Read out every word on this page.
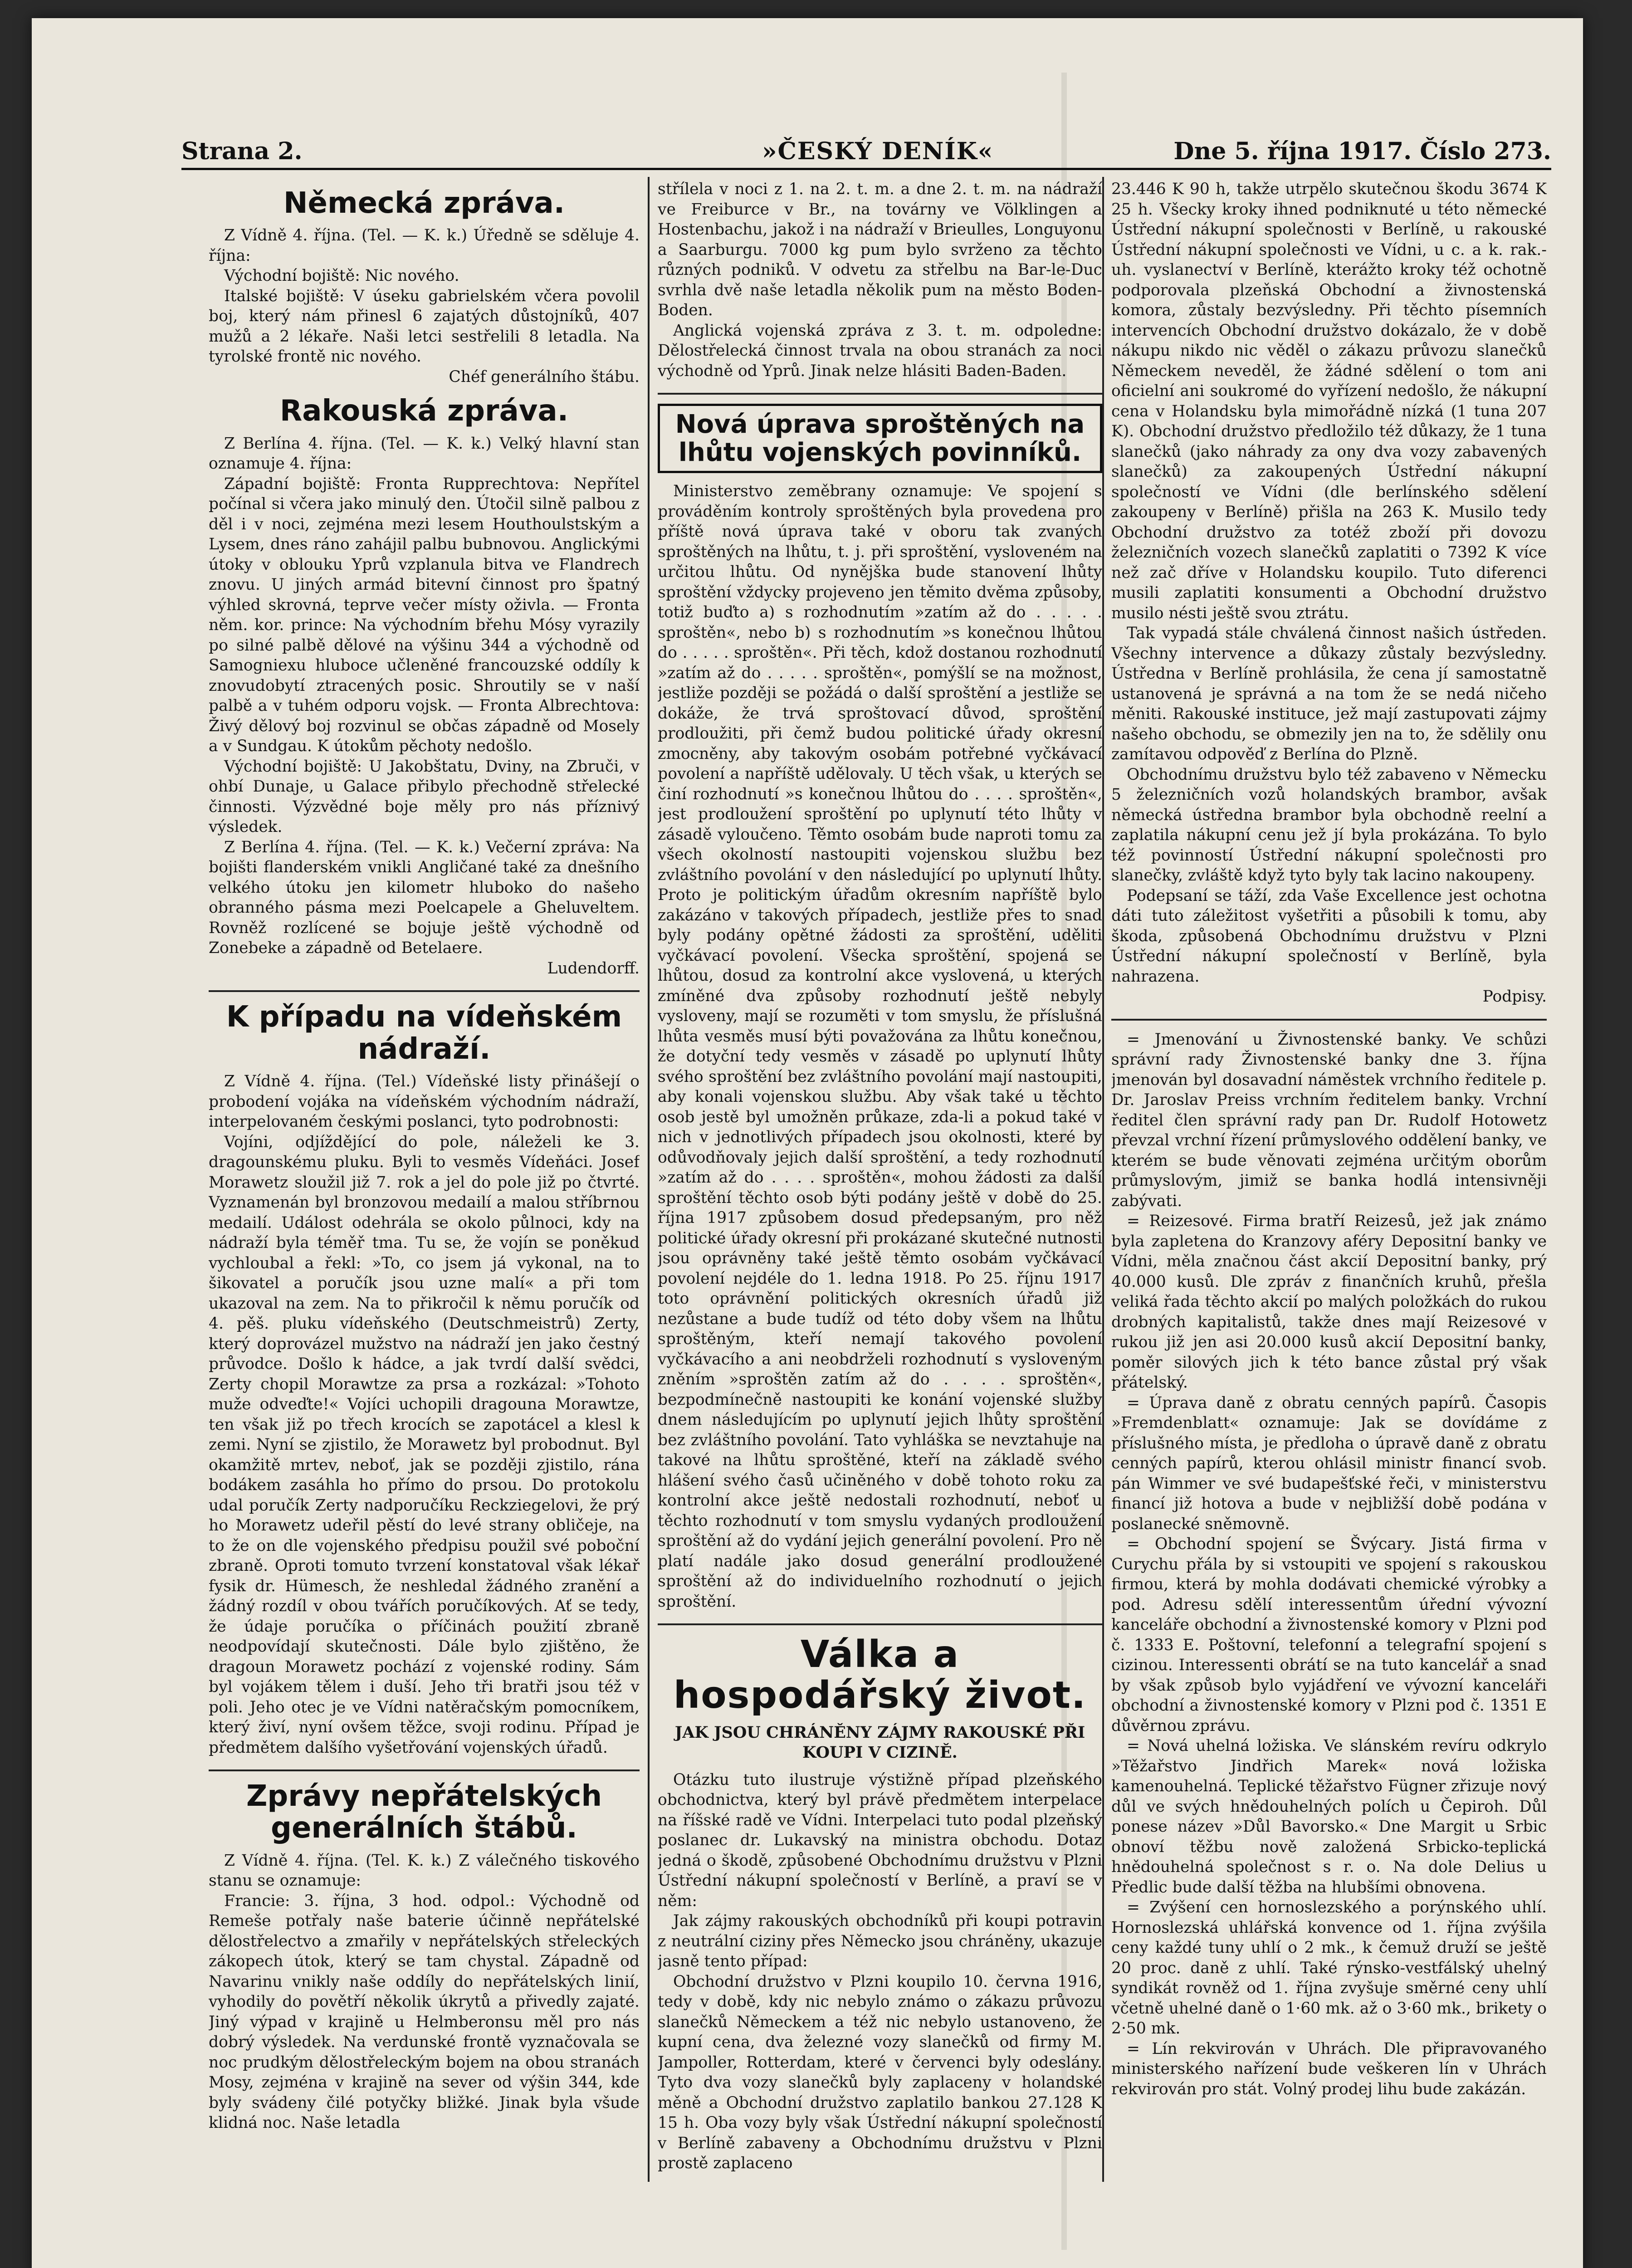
Strana 2.	»ČESKÝ DENÍK«	Dne 5. října 1917. Číslo 273.
Německá zpráva.

Z Vídně 4. října. (Tel. — K. k.) Úředně se sděluje 4. října:

Východní bojiště: Nic nového.

Italské bojiště: V úseku gabrielském včera povolil boj, který nám přinesl 6 zajatých důstojníků, 407 mužů a 2 lékaře. Naši letci sestřelili 8 letadla. Na tyrolské frontě nic nového.

Chéf generálního štábu.

Rakouská zpráva.

Z Berlína 4. října. (Tel. — K. k.) Velký hlavní stan oznamuje 4. října:

Západní bojiště: Fronta Rupprechtova: Nepřítel počínal si včera jako minulý den. Útočil silně palbou z děl i v noci, zejména mezi lesem Houthoulstským a Lysem, dnes ráno zahájil palbu bubnovou. Anglickými útoky v oblouku Yprů vzplanula bitva ve Flandrech znovu. U jiných armád bitevní činnost pro špatný výhled skrovná, teprve večer místy oživla. — Fronta něm. kor. prince: Na východním břehu Mósy vyrazily po silné palbě dělové na výšinu 344 a východně od Samogniexu hluboce učleněné francouzské oddíly k znovudobytí ztracených posic. Shroutily se v naší palbě a v tuhém odporu vojsk. — Fronta Albrechtova: Živý dělový boj rozvinul se občas západně od Mosely a v Sundgau. K útokům pěchoty nedošlo.

Východní bojiště: U Jakobštatu, Dviny, na Zbruči, v ohbí Dunaje, u Galace přibylo přechodně střelecké činnosti. Výzvědné boje měly pro nás příznivý výsledek.

Z Berlína 4. října. (Tel. — K. k.) Večerní zpráva: Na bojišti flanderském vnikli Angličané také za dnešního velkého útoku jen kilometr hluboko do našeho obranného pásma mezi Poelcapele a Gheluveltem. Rovněž rozlícené se bojuje ještě východně od Zonebeke a západně od Betelaere.

Ludendorff.

K případu na vídeňském nádraží.

Z Vídně 4. října. (Tel.) Vídeňské listy přinášejí o probodení vojáka na vídeňském východním nádraží, interpelovaném českými poslanci, tyto podrobnosti:

Vojíni, odjíždějící do pole, náleželi ke 3. dragounskému pluku. Byli to vesměs Vídeňáci. Josef Morawetz sloužil již 7. rok a jel do pole již po čtvrté. Vyznamenán byl bronzovou medailí a malou stříbrnou medailí. Událost odehrála se okolo půlnoci, kdy na nádraží byla téměř tma. Tu se, že vojín se poněkud vychloubal a řekl: »To, co jsem já vykonal, na to šikovatel a poručík jsou uzne malí« a při tom ukazoval na zem. Na to přikročil k němu poručík od 4. pěš. pluku vídeňského (Deutschmeistrů) Zerty, který doprovázel mužstvo na nádraží jen jako čestný průvodce. Došlo k hádce, a jak tvrdí další svědci, Zerty chopil Morawtze za prsa a rozkázal: »Tohoto muže odveďte!« Vojíci uchopili dragouna Morawtze, ten však již po třech krocích se zapotácel a klesl k zemi. Nyní se zjistilo, že Morawetz byl probodnut. Byl okamžitě mrtev, neboť, jak se později zjistilo, rána bodákem zasáhla ho přímo do prsou. Do protokolu udal poručík Zerty nadporučíku Reckziegelovi, že prý ho Morawetz udeřil pěstí do levé strany obličeje, na to že on dle vojenského předpisu použil své poboční zbraně. Oproti tomuto tvrzení konstatoval však lékař fysik dr. Hümesch, že neshledal žádného zranění a žádný rozdíl v obou tvářích poručíkových. Ať se tedy, že údaje poručíka o příčinách použití zbraně neodpovídají skutečnosti. Dále bylo zjištěno, že dragoun Morawetz pochází z vojenské rodiny. Sám byl vojákem tělem i duší. Jeho tři bratři jsou též v poli. Jeho otec je ve Vídni natěračským pomocníkem, který živí, nyní ovšem těžce, svoji rodinu. Případ je předmětem dalšího vyšetřování vojenských úřadů.

Zprávy nepřátelských generálních štábů.

Z Vídně 4. října. (Tel. K. k.) Z válečného tiskového stanu se oznamuje:

Francie: 3. října, 3 hod. odpol.: Východně od Remeše potřaly naše baterie účinně nepřátelské dělostřelectvo a zmařily v nepřátelských střeleckých zákopech útok, který se tam chystal. Západně od Navarinu vnikly naše oddíly do nepřátelských linií, vyhodily do povětří několik úkrytů a přivedly zajaté. Jiný výpad v krajině u Helmberonsu měl pro nás dobrý výsledek. Na verdunské frontě vyznačovala se noc prudkým dělostřeleckým bojem na obou stranách Mosy, zejména v krajině na sever od výšin 344, kde byly svádeny čilé potyčky bližké. Jinak byla všude klidná noc. Naše letadla

střílela v noci z 1. na 2. t. m. a dne 2. t. m. na nádraží ve Freiburce v Br., na továrny ve Völklingen a Hostenbachu, jakož i na nádraží v Brieulles, Longuyonu a Saarburgu. 7000 kg pum bylo svrženo za těchto různých podniků. V odvetu za střelbu na Bar-le-Duc svrhla dvě naše letadla několik pum na město Boden-Boden.

Anglická vojenská zpráva z 3. t. m. odpoledne: Dělostřelecká činnost trvala na obou stranách za noci východně od Yprů. Jinak nelze hlásiti Baden-Baden.

Nová úprava sproštěných na lhůtu vojenských povinníků.

Ministerstvo zeměbrany oznamuje: Ve spojení s prováděním kontroly sproštěných byla provedena pro příště nová úprava také v oboru tak zvaných sproštěných na lhůtu, t. j. při sproštění, vysloveném na určitou lhůtu. Od nynějška bude stanovení lhůty sproštění vždycky projeveno jen těmito dvěma způsoby, totiž buďto a) s rozhodnutím »zatím až do . . . . . sproštěn«, nebo b) s rozhodnutím »s konečnou lhůtou do . . . . . sproštěn«. Při těch, kdož dostanou rozhodnutí »zatím až do . . . . . sproštěn«, pomýšlí se na možnost, jestliže později se požádá o další sproštění a jestliže se dokáže, že trvá sproštovací důvod, sproštění prodloužiti, při čemž budou politické úřady okresní zmocněny, aby takovým osobám potřebné vyčkávací povolení a napříště udělovaly. U těch však, u kterých se činí rozhodnutí »s konečnou lhůtou do . . . . sproštěn«, jest prodloužení sproštění po uplynutí této lhůty v zásadě vyloučeno. Těmto osobám bude naproti tomu za všech okolností nastoupiti vojenskou službu bez zvláštního povolání v den následující po uplynutí lhůty. Proto je politickým úřadům okresním napříště bylo zakázáno v takových případech, jestliže přes to snad byly podány opětné žádosti za sproštění, uděliti vyčkávací povolení. Všecka sproštění, spojená se lhůtou, dosud za kontrolní akce vyslovená, u kterých zmíněné dva způsoby rozhodnutí ještě nebyly vysloveny, mají se rozuměti v tom smyslu, že příslušná lhůta vesměs musí býti považována za lhůtu konečnou, že dotyční tedy vesměs v zásadě po uplynutí lhůty svého sproštění bez zvláštního povolání mají nastoupiti, aby konali vojenskou službu. Aby však také u těchto osob jestě byl umožněn průkaze, zda-li a pokud také v nich v jednotlivých případech jsou okolnosti, které by odůvodňovaly jejich další sproštění, a tedy rozhodnutí »zatím až do . . . . sproštěn«, mohou žádosti za další sproštění těchto osob býti podány ještě v době do 25. října 1917 způsobem dosud předepsaným, pro něž politické úřady okresní při prokázané skutečné nutnosti jsou oprávněny také ještě těmto osobám vyčkávací povolení nejdéle do 1. ledna 1918. Po 25. říjnu 1917 toto oprávnění politických okresních úřadů již nezůstane a bude tudíž od této doby všem na lhůtu sproštěným, kteří nemají takového povolení vyčkávacího a ani neobdrželi rozhodnutí s vysloveným zněním »sproštěn zatím až do . . . . sproštěn«, bezpodmínečně nastoupiti ke konání vojenské služby dnem následujícím po uplynutí jejich lhůty sproštění bez zvláštního povolání. Tato vyhláška se nevztahuje na takové na lhůtu sproštěné, kteří na základě svého hlášení svého časů učiněného v době tohoto roku za kontrolní akce ještě nedostali rozhodnutí, neboť u těchto rozhodnutí v tom smyslu vydaných prodloužení sproštění až do vydání jejich generální povolení. Pro ně platí nadále jako dosud generální prodloužené sproštění až do individuelního rozhodnutí o jejich sproštění.

Válka a hospodářský život.
JAK JSOU CHRÁNĚNY ZÁJMY RAKOUSKÉ PŘI KOUPI V CIZINĚ.

Otázku tuto ilustruje výstižně případ plzeňského obchodnictva, který byl právě předmětem interpelace na říšské radě ve Vídni. Interpelaci tuto podal plzeňský poslanec dr. Lukavský na ministra obchodu. Dotaz jedná o škodě, způsobené Obchodnímu družstvu v Plzni Ústřední nákupní společností v Berlíně, a praví se v něm:

Jak zájmy rakouských obchodníků při koupi potravin z neutrální ciziny přes Německo jsou chráněny, ukazuje jasně tento případ:

Obchodní družstvo v Plzni koupilo 10. června 1916, tedy v době, kdy nic nebylo známo o zákazu průvozu slanečků Německem a též nic nebylo ustanoveno, že kupní cena, dva železné vozy slanečků od firmy M. Jampoller, Rotterdam, které v červenci byly odeslány. Tyto dva vozy slanečků byly zaplaceny v holandské měně a Obchodní družstvo zaplatilo bankou 27.128 K 15 h. Oba vozy byly však Ústřední nákupní společností v Berlíně zabaveny a Obchodnímu družstvu v Plzni prostě zaplaceno

23.446 K 90 h, takže utrpělo skutečnou škodu 3674 K 25 h. Všecky kroky ihned podniknuté u této německé Ústřední nákupní společnosti v Berlíně, u rakouské Ústřední nákupní společnosti ve Vídni, u c. a k. rak.-uh. vyslanectví v Berlíně, kterážto kroky též ochotně podporovala plzeňská Obchodní a živnostenská komora, zůstaly bezvýsledny. Při těchto písemních intervencích Obchodní družstvo dokázalo, že v době nákupu nikdo nic věděl o zákazu průvozu slanečků Německem neveděl, že žádné sdělení o tom ani oficielní ani soukromé do vyřízení nedošlo, že nákupní cena v Holandsku byla mimořádně nízká (1 tuna 207 K). Obchodní družstvo předložilo též důkazy, že 1 tuna slanečků (jako náhrady za ony dva vozy zabavených slanečků) za zakoupených Ústřední nákupní společností ve Vídni (dle berlínského sdělení zakoupeny v Berlíně) přišla na 263 K. Musilo tedy Obchodní družstvo za totéž zboží při dovozu železničních vozech slanečků zaplatiti o 7392 K více než zač dříve v Holandsku koupilo. Tuto diferenci musili zaplatiti konsumenti a Obchodní družstvo musilo nésti ještě svou ztrátu.

Tak vypadá stále chválená činnost našich ústředen. Všechny intervence a důkazy zůstaly bezvýsledny. Ústředna v Berlíně prohlásila, že cena jí samostatně ustanovená je správná a na tom že se nedá ničeho měniti. Rakouské instituce, jež mají zastupovati zájmy našeho obchodu, se obmezily jen na to, že sdělily onu zamítavou odpověď z Berlína do Plzně.

Obchodnímu družstvu bylo též zabaveno v Německu 5 železničních vozů holandských brambor, avšak německá ústředna brambor byla obchodně reelní a zaplatila nákupní cenu jež jí byla prokázána. To bylo též povinností Ústřední nákupní společnosti pro slanečky, zvláště když tyto byly tak lacino nakoupeny.

Podepsaní se táží, zda Vaše Excellence jest ochotna dáti tuto záležitost vyšetřiti a působili k tomu, aby škoda, způsobená Obchodnímu družstvu v Plzni Ústřední nákupní společností v Berlíně, byla nahrazena.

Podpisy.

= Jmenování u Živnostenské banky. Ve schůzi správní rady Živnostenské banky dne 3. října jmenován byl dosavadní náměstek vrchního ředitele p. Dr. Jaroslav Preiss vrchním ředitelem banky. Vrchní ředitel člen správní rady pan Dr. Rudolf Hotowetz převzal vrchní řízení průmyslového oddělení banky, ve kterém se bude věnovati zejména určitým oborům průmyslovým, jimiž se banka hodlá intensivněji zabývati.

= Reizesové. Firma bratří Reizesů, jež jak známo byla zapletena do Kranzovy aféry Depositní banky ve Vídni, měla značnou část akcií Depositní banky, prý 40.000 kusů. Dle zpráv z finančních kruhů, přešla veliká řada těchto akcií po malých položkách do rukou drobných kapitalistů, takže dnes mají Reizesové v rukou již jen asi 20.000 kusů akcií Depositní banky, poměr silových jich k této bance zůstal prý však přátelský.

= Úprava daně z obratu cenných papírů. Časopis »Fremdenblatt« oznamuje: Jak se dovídáme z příslušného místa, je předloha o úpravě daně z obratu cenných papírů, kterou ohlásil ministr financí svob. pán Wimmer ve své budapešťské řeči, v ministerstvu financí již hotova a bude v nejbližší době podána v poslanecké sněmovně.

= Obchodní spojení se Švýcary. Jistá firma v Curychu přála by si vstoupiti ve spojení s rakouskou firmou, která by mohla dodávati chemické výrobky a pod. Adresu sdělí interessentům úřední vývozní kanceláře obchodní a živnostenské komory v Plzni pod č. 1333 E. Poštovní, telefonní a telegrafní spojení s cizinou. Interessenti obrátí se na tuto kancelář a snad by však způsob bylo vyjádření ve vývozní kanceláři obchodní a živnostenské komory v Plzni pod č. 1351 E důvěrnou zprávu.

= Nová uhelná ložiska. Ve slánském revíru odkrylo »Těžařstvo Jindřich Marek« nová ložiska kamenouhelná. Teplické těžařstvo Fügner zřizuje nový důl ve svých hnědouhelných polích u Čepiroh. Důl ponese název »Důl Bavorsko.« Dne Margit u Srbic obnoví těžbu nově založená Srbicko-teplická hnědouhelná společnost s r. o. Na dole Delius u Předlic bude další těžba na hlubšími obnovena.

= Zvýšení cen hornoslezského a porýnského uhlí. Hornoslezská uhlářská konvence od 1. října zvýšila ceny každé tuny uhlí o 2 mk., k čemuž druží se ještě 20 proc. daně z uhlí. Také rýnsko-vestfálský uhelný syndikát rovněž od 1. října zvyšuje směrné ceny uhlí včetně uhelné daně o 1·60 mk. až o 3·60 mk., brikety o 2·50 mk.

= Lín rekvirován v Uhrách. Dle připravovaného ministerského nařízení bude veškeren lín v Uhrách rekvirován pro stát. Volný prodej lihu bude zakázán.
